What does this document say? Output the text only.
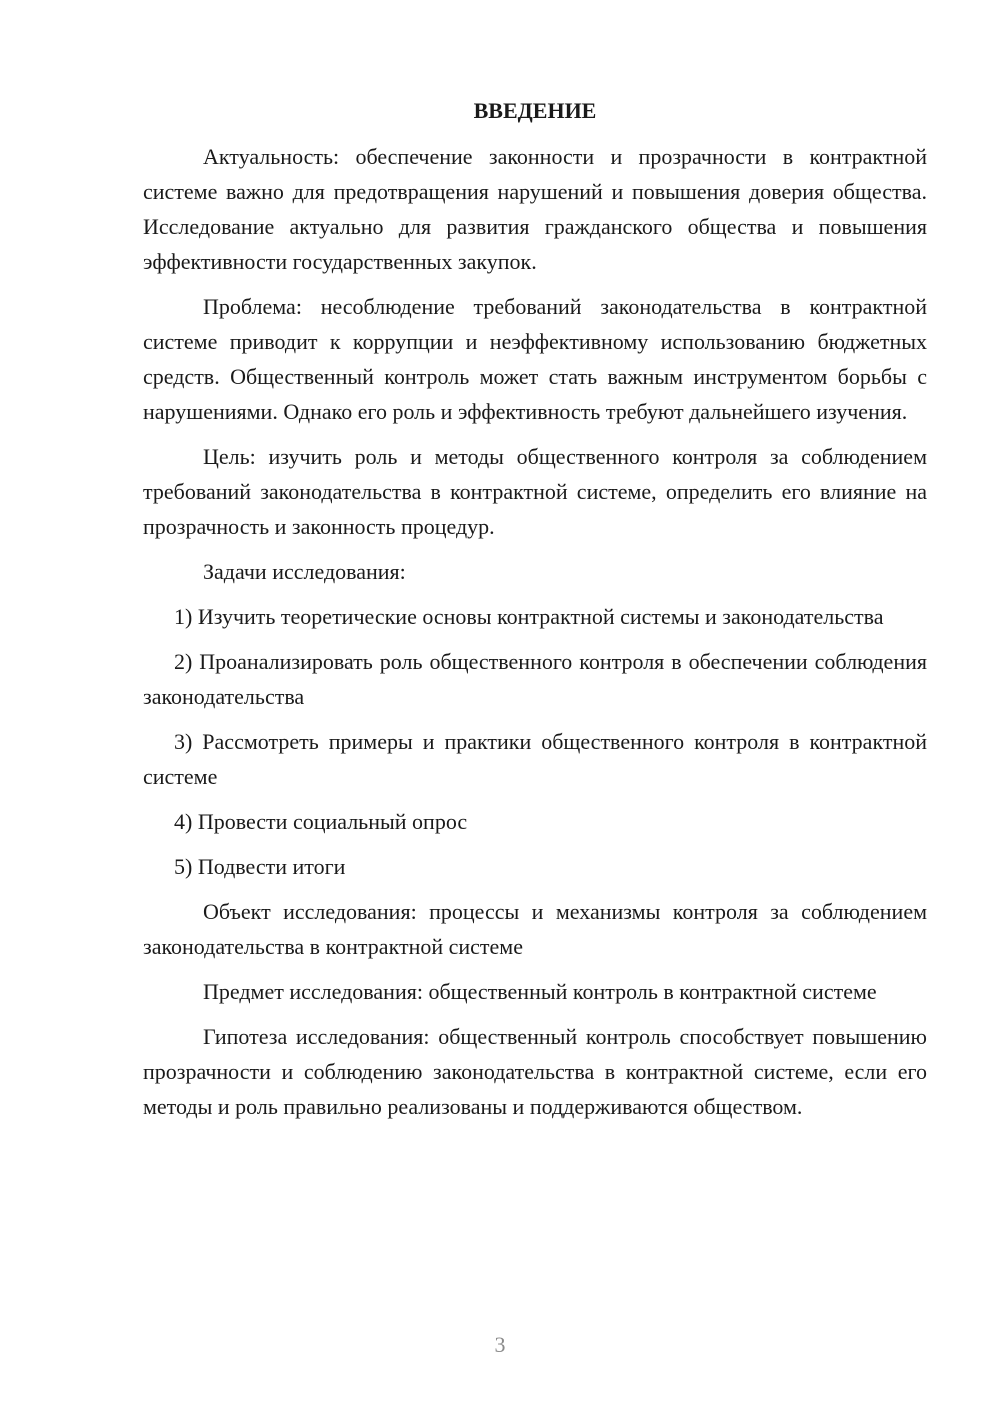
ВВЕДЕНИЕ

Актуальность: обеспечение законности и прозрачности в контрактной системе важно для предотвращения нарушений и повышения доверия общества. Исследование актуально для развития гражданского общества и повышения эффективности государственных закупок.

Проблема: несоблюдение требований законодательства в контрактной системе приводит к коррупции и неэффективному использованию бюджетных средств. Общественный контроль может стать важным инструментом борьбы с нарушениями. Однако его роль и эффективность требуют дальнейшего изучения.

Цель: изучить роль и методы общественного контроля за соблюдением требований законодательства в контрактной системе, определить его влияние на прозрачность и законность процедур.

Задачи исследования:

1) Изучить теоретические основы контрактной системы и законодательства

2) Проанализировать роль общественного контроля в обеспечении соблюдения законодательства

3) Рассмотреть примеры и практики общественного контроля в контрактной системе

4) Провести социальный опрос

5) Подвести итоги

Объект исследования: процессы и механизмы контроля за соблюдением законодательства в контрактной системе

Предмет исследования: общественный контроль в контрактной системе

Гипотеза исследования: общественный контроль способствует повышению прозрачности и соблюдению законодательства в контрактной системе, если его методы и роль правильно реализованы и поддерживаются обществом.

3
